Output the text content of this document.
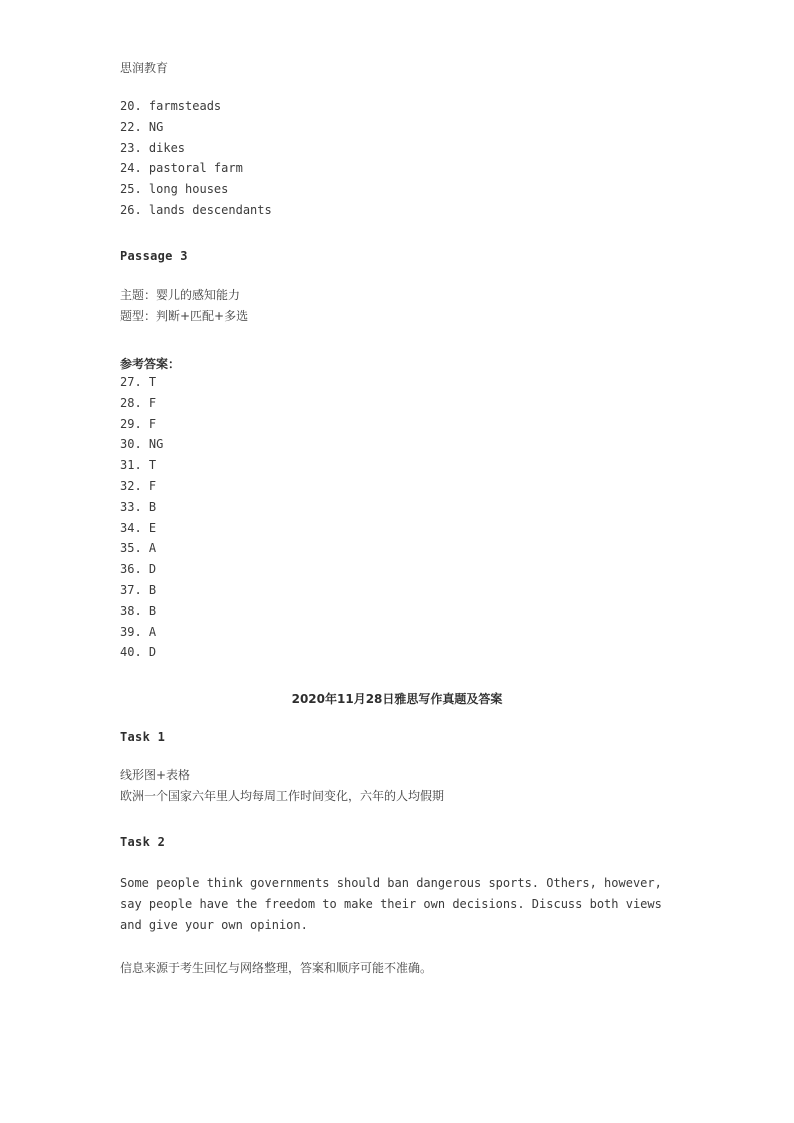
思润教育
20. farmsteads
22. NG
23. dikes
24. pastoral farm
25. long houses
26. lands descendants
Passage 3
主题：婴儿的感知能力
题型：判断+匹配+多选
参考答案：
27. T
28. F
29. F
30. NG
31. T
32. F
33. B
34. E
35. A
36. D
37. B
38. B
39. A
40. D
2020年11月28日雅思写作真题及答案
Task 1
线形图+表格
欧洲一个国家六年里人均每周工作时间变化，六年的人均假期
Task 2
Some people think governments should ban dangerous sports. Others, however, say people have the freedom to make their own decisions. Discuss both views and give your own opinion.
信息来源于考生回忆与网络整理，答案和顺序可能不准确。
